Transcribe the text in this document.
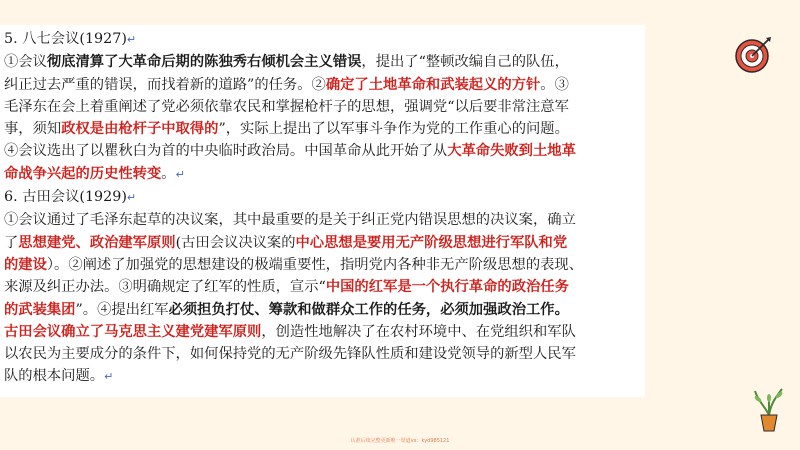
5. 八七会议(1927)↵
①会议彻底清算了大革命后期的陈独秀右倾机会主义错误，提出了“整顿改编自己的队伍，
纠正过去严重的错误，而找着新的道路”的任务。②确定了土地革命和武装起义的方针。③
毛泽东在会上着重阐述了党必须依靠农民和掌握枪杆子的思想，强调党“以后要非常注意军
事，须知政权是由枪杆子中取得的”，实际上提出了以军事斗争作为党的工作重心的问题。
④会议选出了以瞿秋白为首的中央临时政治局。中国革命从此开始了从大革命失败到土地革
命战争兴起的历史性转变。↵
6. 古田会议(1929)↵
①会议通过了毛泽东起草的决议案，其中最重要的是关于纠正党内错误思想的决议案，确立
了思想建党、政治建军原则(古田会议决议案的中心思想是要用无产阶级思想进行军队和党
的建设）。②阐述了加强党的思想建设的极端重要性，指明党内各种非无产阶级思想的表现、
来源及纠正办法。③明确规定了红军的性质，宣示“中国的红军是一个执行革命的政治任务
的武装集团”。④提出红军必须担负打仗、筹款和做群众工作的任务，必须加强政治工作。
古田会议确立了马克思主义建党建军原则，创造性地解决了在农村环境中、在党组织和军队
以农民为主要成分的条件下，如何保持党的无产阶级先锋队性质和建设党领导的新型人民军
队的根本问题。↵
认准后续完整更新唯一渠道vx：kyd985121
